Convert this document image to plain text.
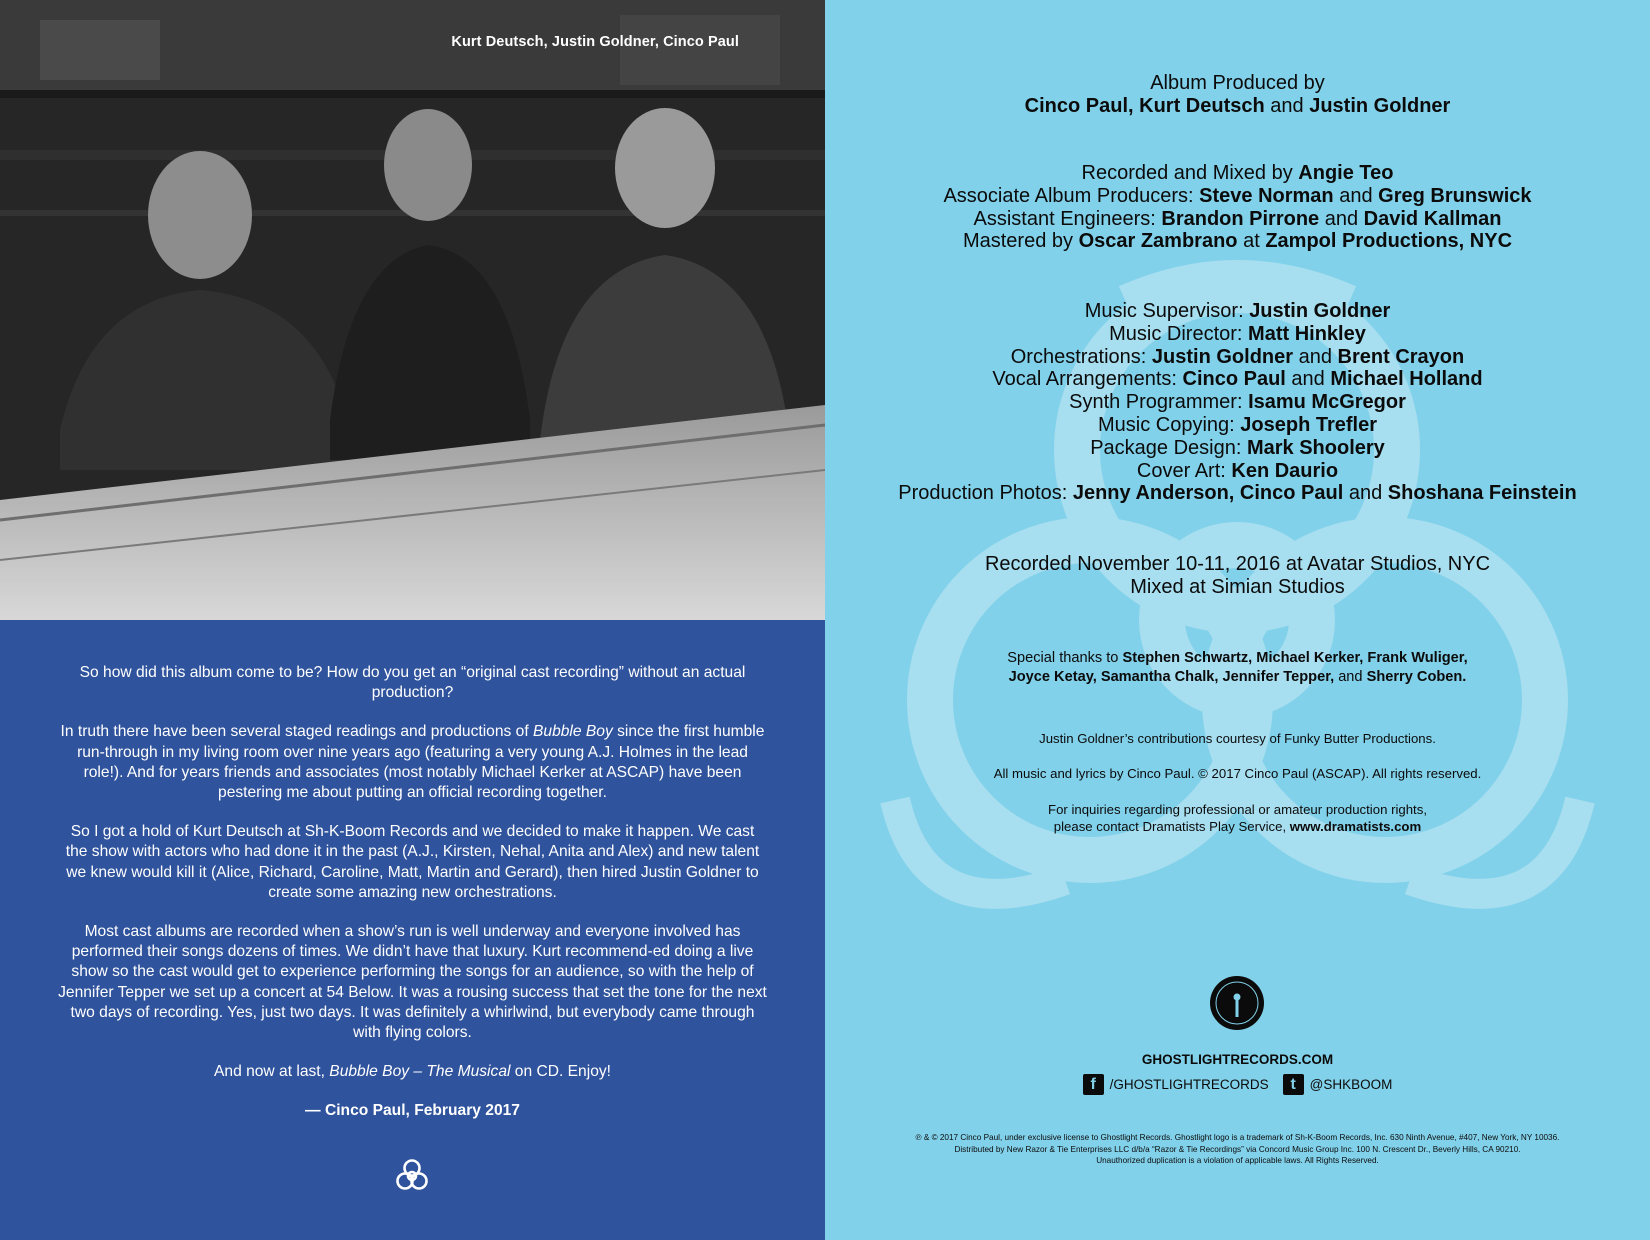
Kurt Deutsch, Justin Goldner, Cinco Paul

So how did this album come to be? How do you get an “original cast recording” without an actual production?

In truth there have been several staged readings and productions of Bubble Boy since the first humble run-through in my living room over nine years ago (featuring a very young A.J. Holmes in the lead role!). And for years friends and associates (most notably Michael Kerker at ASCAP) have been pestering me about putting an official recording together.

So I got a hold of Kurt Deutsch at Sh-K-Boom Records and we decided to make it happen. We cast the show with actors who had done it in the past (A.J., Kirsten, Nehal, Anita and Alex) and new talent we knew would kill it (Alice, Richard, Caroline, Matt, Martin and Gerard), then hired Justin Goldner to create some amazing new orchestrations.

Most cast albums are recorded when a show’s run is well underway and everyone involved has performed their songs dozens of times. We didn’t have that luxury. Kurt recommend-ed doing a live show so the cast would get to experience performing the songs for an audience, so with the help of Jennifer Tepper we set up a concert at 54 Below. It was a rousing success that set the tone for the next two days of recording. Yes, just two days. It was definitely a whirlwind, but everybody came through with flying colors.

And now at last, Bubble Boy – The Musical on CD. Enjoy!

— Cinco Paul, February 2017

Album Produced by
Cinco Paul, Kurt Deutsch and Justin Goldner
Recorded and Mixed by Angie Teo
Associate Album Producers: Steve Norman and Greg Brunswick
Assistant Engineers: Brandon Pirrone and David Kallman
Mastered by Oscar Zambrano at Zampol Productions, NYC
Music Supervisor: Justin Goldner
Music Director: Matt Hinkley
Orchestrations: Justin Goldner and Brent Crayon
Vocal Arrangements: Cinco Paul and Michael Holland
Synth Programmer: Isamu McGregor
Music Copying: Joseph Trefler
Package Design: Mark Shoolery
Cover Art: Ken Daurio
Production Photos: Jenny Anderson, Cinco Paul and Shoshana Feinstein
Recorded November 10-11, 2016 at Avatar Studios, NYC
Mixed at Simian Studios
Special thanks to Stephen Schwartz, Michael Kerker, Frank Wuliger,
Joyce Ketay, Samantha Chalk, Jennifer Tepper, and Sherry Coben.
Justin Goldner’s contributions courtesy of Funky Butter Productions.
All music and lyrics by Cinco Paul. © 2017 Cinco Paul (ASCAP). All rights reserved.
For inquiries regarding professional or amateur production rights,
please contact Dramatists Play Service, www.dramatists.com
GHOSTLIGHTRECORDS.COM
f	/GHOSTLIGHTRECORDS	t	@SHKBOOM
℗ & © 2017 Cinco Paul, under exclusive license to Ghostlight Records. Ghostlight logo is a trademark of Sh-K-Boom Records, Inc. 630 Ninth Avenue, #407, New York, NY 10036.
Distributed by New Razor & Tie Enterprises LLC d/b/a “Razor & Tie Recordings” via Concord Music Group Inc. 100 N. Crescent Dr., Beverly Hills, CA 90210.
Unauthorized duplication is a violation of applicable laws. All Rights Reserved.
